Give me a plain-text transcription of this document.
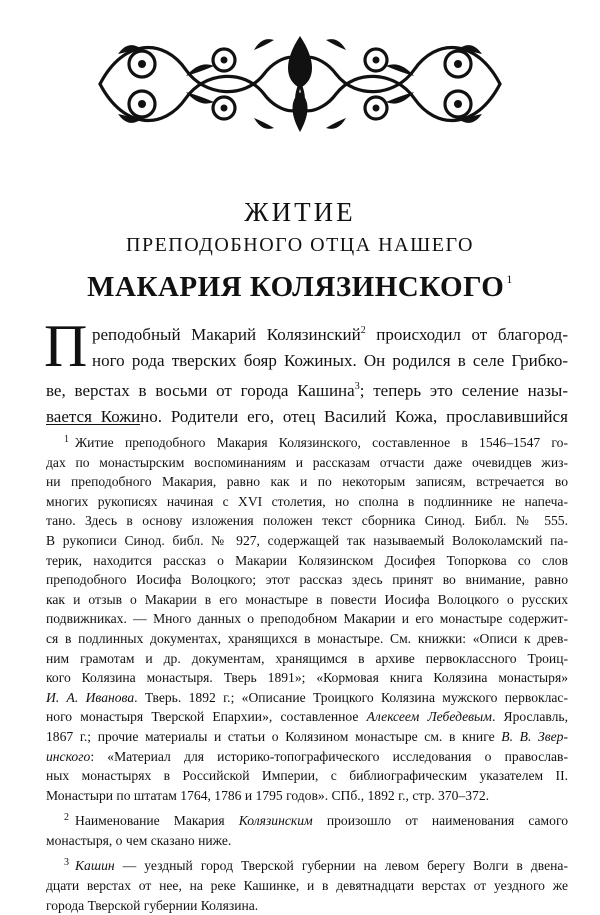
ЖИТИЕ
ПРЕПОДОБНОГО ОТЦА НАШЕГО
МАКАРИЯ КОЛЯЗИНСКОГО $^1$
П реподобный Макарий Колязинский$^2$ происходил от благород-
ного рода тверских бояр Кожиных. Он родился в селе Грибко-
ве, верстах в восьми от города Кашина$^3$; теперь это селение назы-
вается Кожино. Родители его, отец Василий Кожа, прославившийся
$^1$ Житие преподобного Макария Колязинского, составленное в 1546–1547 го-
дах по монастырским воспоминаниям и рассказам отчасти даже очевидцев жиз-
ни преподобного Макария, равно как и по некоторым записям, встречается во
многих рукописях начиная с XVI столетия, но сполна в подлиннике не напеча-
тано. Здесь в основу изложения положен текст сборника Синод. Библ. № 555.
В рукописи Синод. библ. № 927, содержащей так называемый Волоколамский па-
терик, находится рассказ о Макарии Колязинском Досифея Топоркова со слов
преподобного Иосифа Волоцкого; этот рассказ здесь принят во внимание, равно
как и отзыв о Макарии в его монастыре в повести Иосифа Волоцкого о русских
подвижниках. — Много данных о преподобном Макарии и его монастыре содержит-
ся в подлинных документах, хранящихся в монастыре. См. книжки: «Описи к древ-
ним грамотам и др. документам, хранящимся в архиве первоклассного Троиц-
кого Колязина монастыря. Тверь 1891»; «Кормовая книга Колязина монастыря»
И. А. Иванова. Тверь. 1892 г.; «Описание Троицкого Колязина мужского первоклас-
ного монастыря Тверской Епархии», составленное Алексеем Лебедевым. Ярославль,
1867 г.; прочие материалы и статьи о Колязином монастыре см. в книге В. В. Звер-
инского: «Материал для историко-топографического исследования о православ-
ных монастырях в Российской Империи, с библиографическим указателем II.
Монастыри по штатам 1764, 1786 и 1795 годов». СПб., 1892 г., стр. 370–372.
$^2$ Наименование Макария Колязинским произошло от наименования самого
монастыря, о чем сказано ниже.
$^3$ Кашин — уездный город Тверской губернии на левом берегу Волги в двена-
дцати верстах от нее, на реке Кашинке, и в девятнадцати верстах от уездного же
города Тверской губернии Колязина.
